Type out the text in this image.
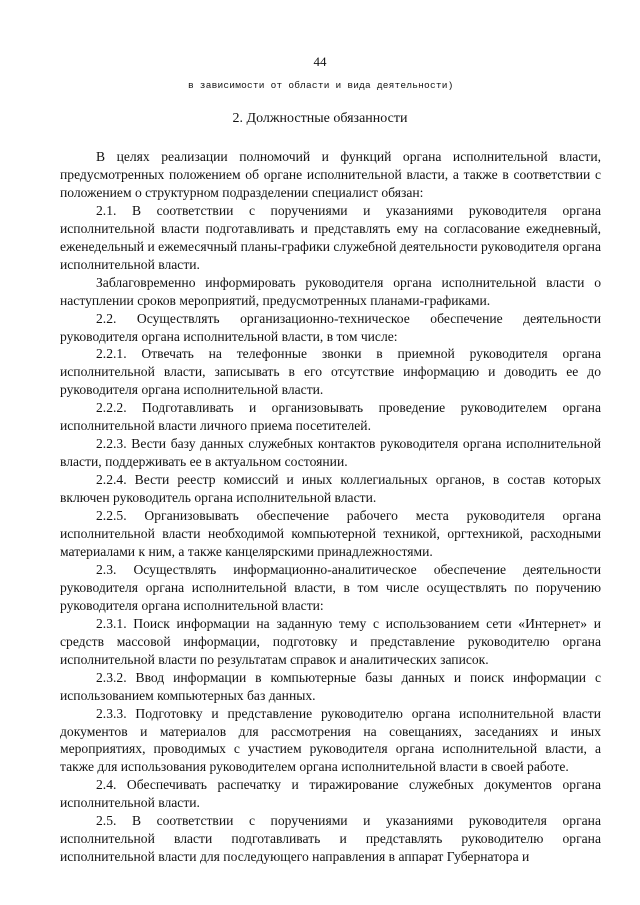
44
в зависимости от области и вида деятельности)
2. Должностные обязанности

В целях реализации полномочий и функций органа исполнительной власти, предусмотренных положением об органе исполнительной власти, а также в соответствии с положением о структурном подразделении специалист обязан:

2.1. В соответствии с поручениями и указаниями руководителя органа исполнительной власти подготавливать и представлять ему на согласование ежедневный, еженедельный и ежемесячный планы-графики служебной деятельности руководителя органа исполнительной власти.

Заблаговременно информировать руководителя органа исполнительной власти о наступлении сроков мероприятий, предусмотренных планами-графиками.

2.2. Осуществлять организационно-техническое обеспечение деятельности руководителя органа исполнительной власти, в том числе:

2.2.1. Отвечать на телефонные звонки в приемной руководителя органа исполнительной власти, записывать в его отсутствие информацию и доводить ее до руководителя органа исполнительной власти.

2.2.2. Подготавливать и организовывать проведение руководителем органа исполнительной власти личного приема посетителей.

2.2.3. Вести базу данных служебных контактов руководителя органа исполнительной власти, поддерживать ее в актуальном состоянии.

2.2.4. Вести реестр комиссий и иных коллегиальных органов, в состав которых включен руководитель органа исполнительной власти.

2.2.5. Организовывать обеспечение рабочего места руководителя органа исполнительной власти необходимой компьютерной техникой, оргтехникой, расходными материалами к ним, а также канцелярскими принадлежностями.

2.3. Осуществлять информационно-аналитическое обеспечение деятельности руководителя органа исполнительной власти, в том числе осуществлять по поручению руководителя органа исполнительной власти:

2.3.1. Поиск информации на заданную тему с использованием сети «Интернет» и средств массовой информации, подготовку и представление руководителю органа исполнительной власти по результатам справок и аналитических записок.

2.3.2. Ввод информации в компьютерные базы данных и поиск информации с использованием компьютерных баз данных.

2.3.3. Подготовку и представление руководителю органа исполнительной власти документов и материалов для рассмотрения на совещаниях, заседаниях и иных мероприятиях, проводимых с участием руководителя органа исполнительной власти, а также для использования руководителем органа исполнительной власти в своей работе.

2.4. Обеспечивать распечатку и тиражирование служебных документов органа исполнительной власти.

2.5. В соответствии с поручениями и указаниями руководителя органа исполнительной власти подготавливать и представлять руководителю органа исполнительной власти для последующего направления в аппарат Губернатора и
